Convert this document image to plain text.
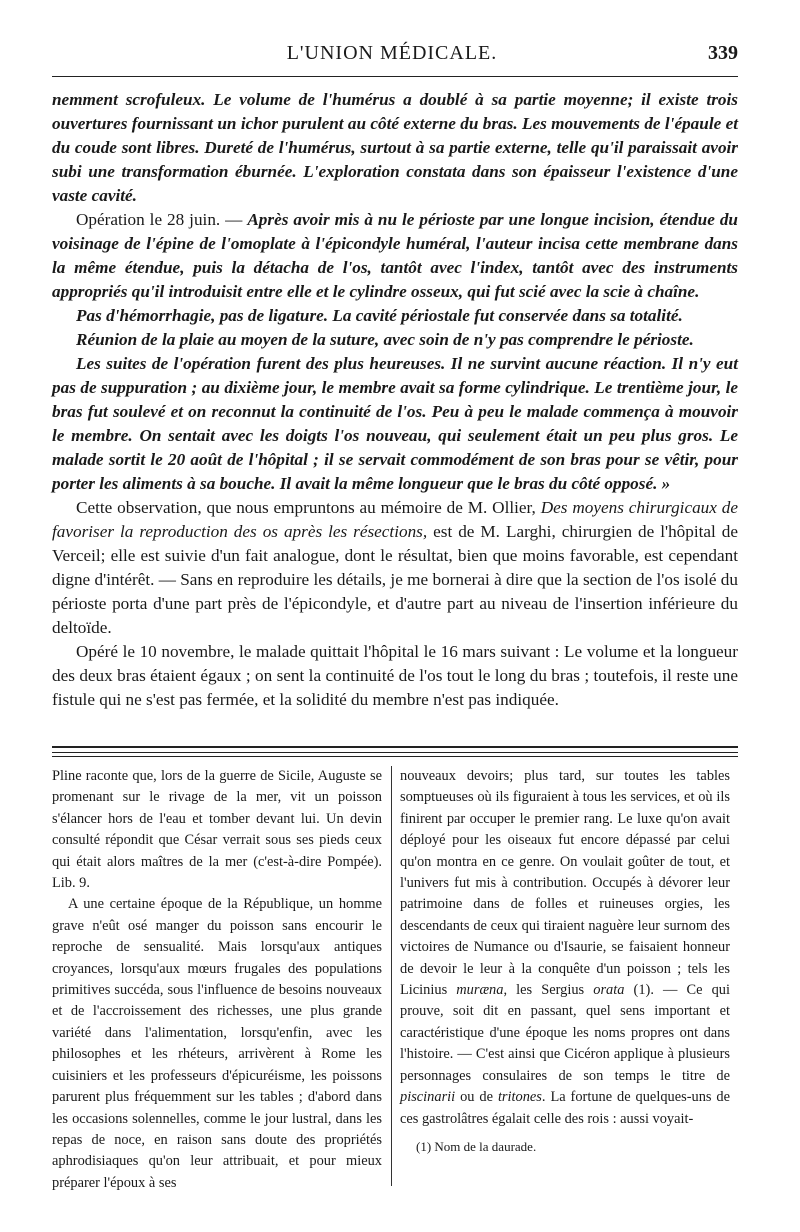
L'UNION MÉDICALE.	339

nemment scrofuleux. Le volume de l'humérus a doublé à sa partie moyenne; il existe trois ouvertures fournissant un ichor purulent au côté externe du bras. Les mouvements de l'épaule et du coude sont libres. Dureté de l'humérus, surtout à sa partie externe, telle qu'il paraissait avoir subi une transformation éburnée. L'exploration constata dans son épaisseur l'existence d'une vaste cavité.

Opération le 28 juin. — Après avoir mis à nu le périoste par une longue incision, étendue du voisinage de l'épine de l'omoplate à l'épicondyle huméral, l'auteur incisa cette membrane dans la même étendue, puis la détacha de l'os, tantôt avec l'index, tantôt avec des instruments appropriés qu'il introduisit entre elle et le cylindre osseux, qui fut scié avec la scie à chaîne.

Pas d'hémorrhagie, pas de ligature. La cavité périostale fut conservée dans sa totalité.

Réunion de la plaie au moyen de la suture, avec soin de n'y pas comprendre le périoste.

Les suites de l'opération furent des plus heureuses. Il ne survint aucune réaction. Il n'y eut pas de suppuration ; au dixième jour, le membre avait sa forme cylindrique. Le trentième jour, le bras fut soulevé et on reconnut la continuité de l'os. Peu à peu le malade commença à mouvoir le membre. On sentait avec les doigts l'os nouveau, qui seulement était un peu plus gros. Le malade sortit le 20 août de l'hôpital ; il se servait commodément de son bras pour se vêtir, pour porter les aliments à sa bouche. Il avait la même longueur que le bras du côté opposé. »

Cette observation, que nous empruntons au mémoire de M. Ollier, Des moyens chirurgicaux de favoriser la reproduction des os après les résections, est de M. Larghi, chirurgien de l'hôpital de Verceil; elle est suivie d'un fait analogue, dont le résultat, bien que moins favorable, est cependant digne d'intérêt. — Sans en reproduire les détails, je me bornerai à dire que la section de l'os isolé du périoste porta d'une part près de l'épicondyle, et d'autre part au niveau de l'insertion inférieure du deltoïde.

Opéré le 10 novembre, le malade quittait l'hôpital le 16 mars suivant : Le volume et la longueur des deux bras étaient égaux ; on sent la continuité de l'os tout le long du bras ; toutefois, il reste une fistule qui ne s'est pas fermée, et la solidité du membre n'est pas indiquée.

Pline raconte que, lors de la guerre de Sicile, Auguste se promenant sur le rivage de la mer, vit un poisson s'élancer hors de l'eau et tomber devant lui. Un devin consulté répondit que César verrait sous ses pieds ceux qui était alors maîtres de la mer (c'est-à-dire Pompée). Lib. 9.

A une certaine époque de la République, un homme grave n'eût osé manger du poisson sans encourir le reproche de sensualité. Mais lorsqu'aux antiques croyances, lorsqu'aux mœurs frugales des populations primitives succéda, sous l'influence de besoins nouveaux et de l'accroissement des richesses, une plus grande variété dans l'alimentation, lorsqu'enfin, avec les philosophes et les rhéteurs, arrivèrent à Rome les cuisiniers et les professeurs d'épicuréisme, les poissons parurent plus fréquemment sur les tables ; d'abord dans les occasions solennelles, comme le jour lustral, dans les repas de noce, en raison sans doute des propriétés aphrodisiaques qu'on leur attribuait, et pour mieux préparer l'époux à ses

nouveaux devoirs; plus tard, sur toutes les tables somptueuses où ils figuraient à tous les services, et où ils finirent par occuper le premier rang. Le luxe qu'on avait déployé pour les oiseaux fut encore dépassé par celui qu'on montra en ce genre. On voulait goûter de tout, et l'univers fut mis à contribution. Occupés à dévorer leur patrimoine dans de folles et ruineuses orgies, les descendants de ceux qui tiraient naguère leur surnom des victoires de Numance ou d'Isaurie, se faisaient honneur de devoir le leur à la conquête d'un poisson ; tels les Licinius muræna, les Sergius orata (1). — Ce qui prouve, soit dit en passant, quel sens important et caractéristique d'une époque les noms propres ont dans l'histoire. — C'est ainsi que Cicéron applique à plusieurs personnages consulaires de son temps le titre de piscinarii ou de tritones. La fortune de quelques-uns de ces gastrolâtres égalait celle des rois : aussi voyait-

(1) Nom de la daurade.
